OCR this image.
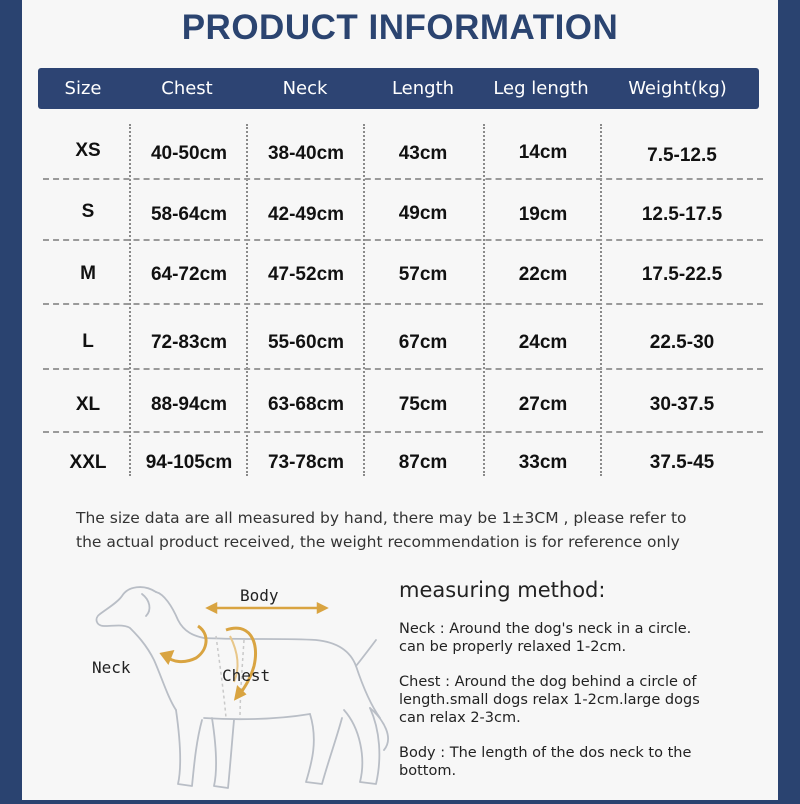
PRODUCT INFORMATION
Size	Chest	Neck	Length	Leg length	Weight(kg)
XS	40-50cm	38-40cm	43cm	14cm	7.5-12.5
S	58-64cm	42-49cm	49cm	19cm	12.5-17.5
M	64-72cm	47-52cm	57cm	22cm	17.5-22.5
L	72-83cm	55-60cm	67cm	24cm	22.5-30
XL	88-94cm	63-68cm	75cm	27cm	30-37.5
XXL	94-105cm	73-78cm	87cm	33cm	37.5-45
The size data are all measured by hand, there may be 1±3CM , please refer to
the actual product received, the weight recommendation is for reference only
Body
Neck	Chest
measuring method:
Neck : Around the dog's neck in a circle.
can be properly relaxed 1-2cm.
Chest : Around the dog behind a circle of
length.small dogs relax 1-2cm.large dogs
can relax 2-3cm.
Body : The length of the dos neck to the
bottom.
